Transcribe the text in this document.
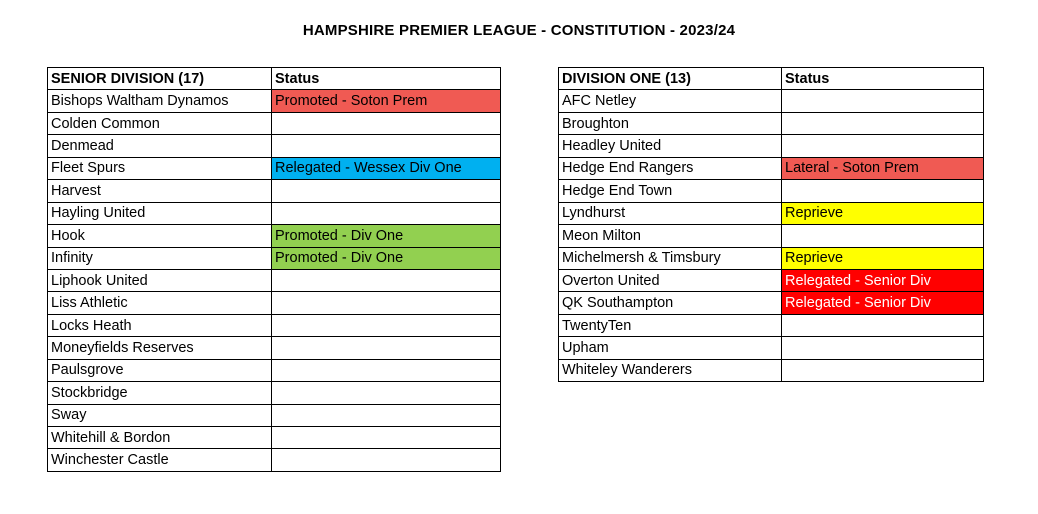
HAMPSHIRE PREMIER LEAGUE - CONSTITUTION - 2023/24
SENIOR DIVISION (17)	Status
Bishops Waltham Dynamos	Promoted - Soton Prem
Colden Common	
Denmead	
Fleet Spurs	Relegated - Wessex Div One
Harvest	
Hayling United	
Hook	Promoted - Div One
Infinity	Promoted - Div One
Liphook United	
Liss Athletic	
Locks Heath	
Moneyfields Reserves	
Paulsgrove	
Stockbridge	
Sway	
Whitehill & Bordon	
Winchester Castle	
DIVISION ONE (13)	Status
AFC Netley	
Broughton	
Headley United	
Hedge End Rangers	Lateral - Soton Prem
Hedge End Town	
Lyndhurst	Reprieve
Meon Milton	
Michelmersh & Timsbury	Reprieve
Overton United	Relegated - Senior Div
QK Southampton	Relegated - Senior Div
TwentyTen	
Upham	
Whiteley Wanderers	
